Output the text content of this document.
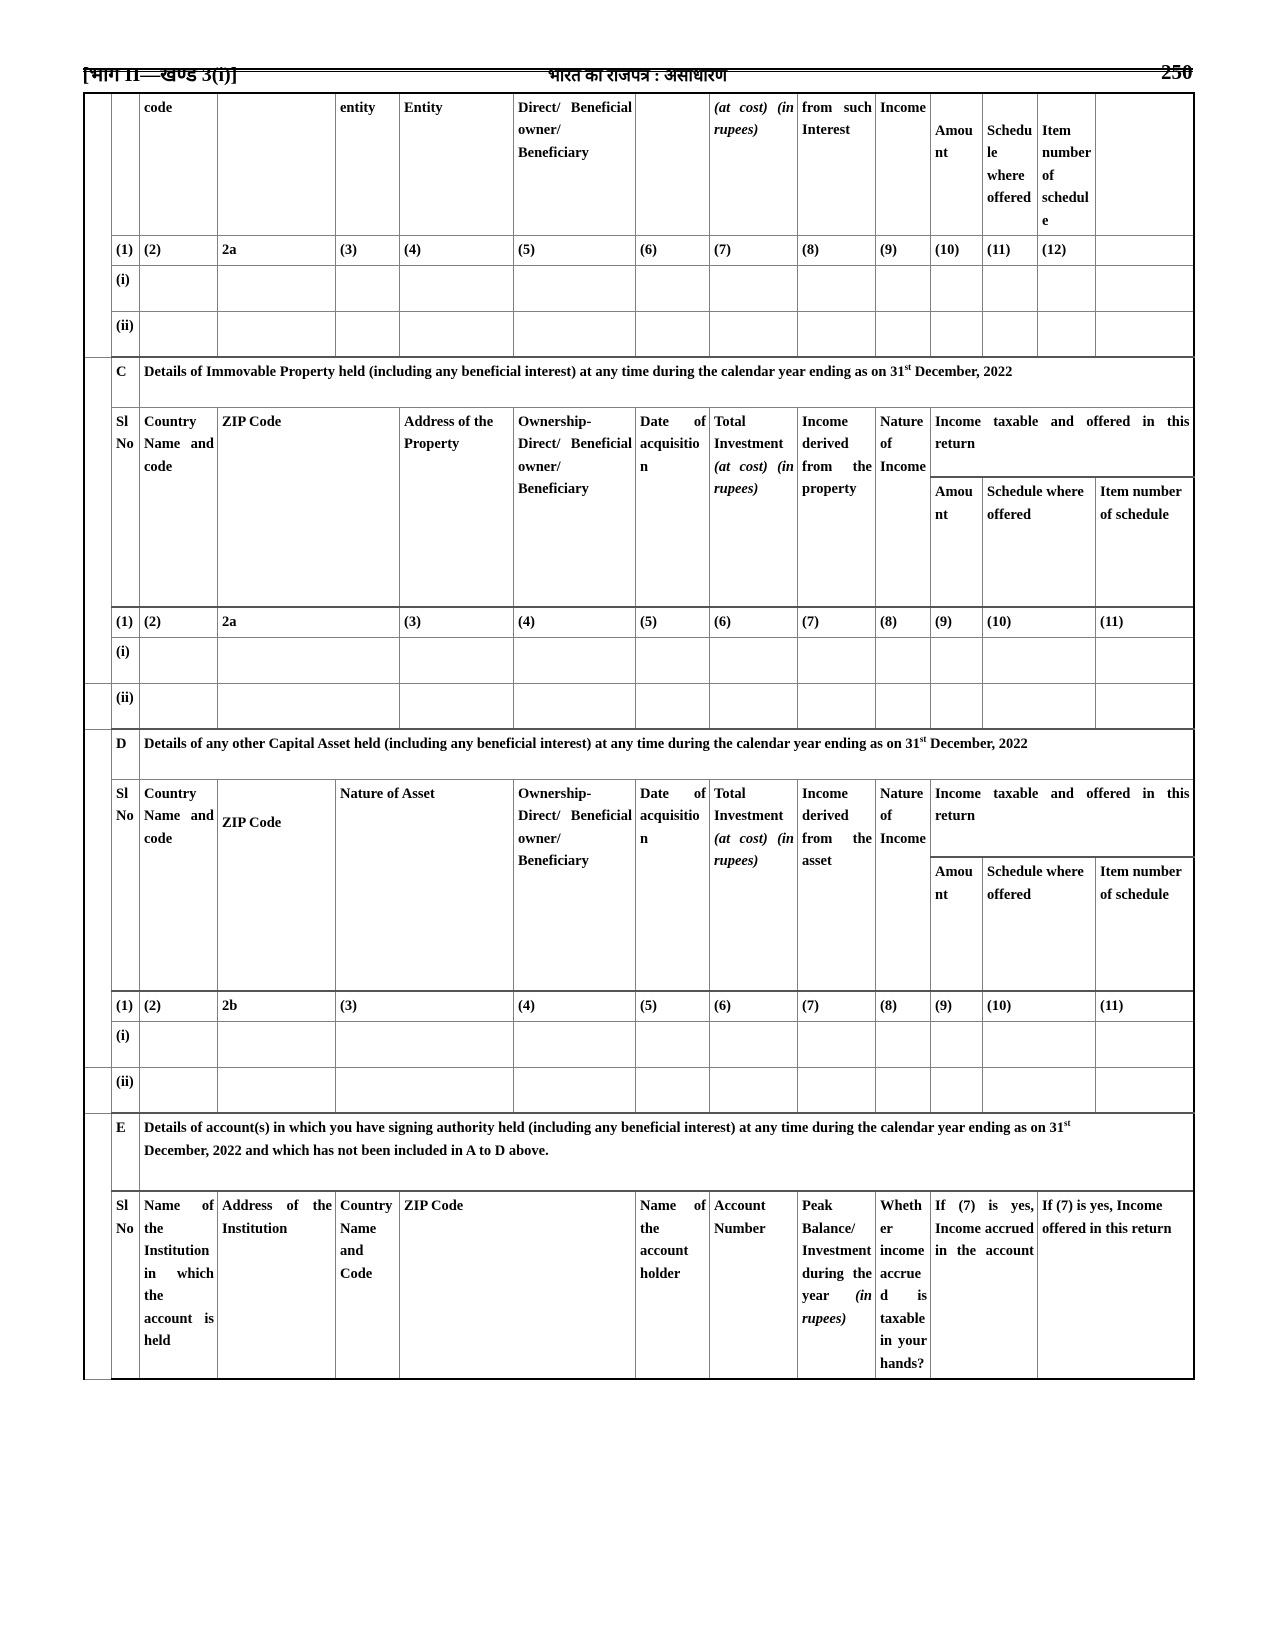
[भाग II—खण्ड 3(i)]	भारत का राजपत्र : असाधारण	250
		code		entity	Entity	Direct/ Beneficial owner/ Beneficiary		(at cost) (in rupees)	from such Interest	Income	Amount	Schedule where offered	Item number of schedule	
	(1)	(2)	2a	(3)	(4)	(5)	(6)	(7)	(8)	(9)	(10)	(11)	(12)	
	(i)													
	(ii)													
	C	Details of Immovable Property held (including any beneficial interest) at any time during the calendar year ending as on 31st December, 2022												
	Sl No	Country Name and code	ZIP Code		Address of the Property	Ownership- Direct/ Beneficial owner/ Beneficiary	Date of acquisition	Total Investment (at cost) (in rupees)	Income derived from the property	Nature of Income	Income taxable and offered in this return			
											Amount	Schedule where offered		Item number of schedule
	(1)	(2)	2a		(3)	(4)	(5)	(6)	(7)	(8)	(9)	(10)		(11)
	(i)													
	(ii)													
	D	Details of any other Capital Asset held (including any beneficial interest) at any time during the calendar year ending as on 31st December, 2022												
	Sl No	Country Name and code	ZIP Code	Nature of Asset		Ownership- Direct/ Beneficial owner/ Beneficiary	Date of acquisition	Total Investment (at cost) (in rupees)	Income derived from the asset	Nature of Income	Income taxable and offered in this return			
											Amount	Schedule where offered		Item number of schedule
	(1)	(2)	2b	(3)		(4)	(5)	(6)	(7)	(8)	(9)	(10)		(11)
	(i)													
	(ii)													
	E	Details of account(s) in which you have signing authority held (including any beneficial interest) at any time during the calendar year ending as on 31st
December, 2022 and which has not been included in A to D above.												
	Sl No	Name of the Institution in which the account is held	Address of the Institution	Country Name and Code	ZIP Code		Name of the account holder	Account Number	Peak Balance/ Investment during the year (in rupees)	Whether income accrued is taxable in your hands?	If (7) is yes, Income accrued in the account		If (7) is yes, Income offered in this return	
